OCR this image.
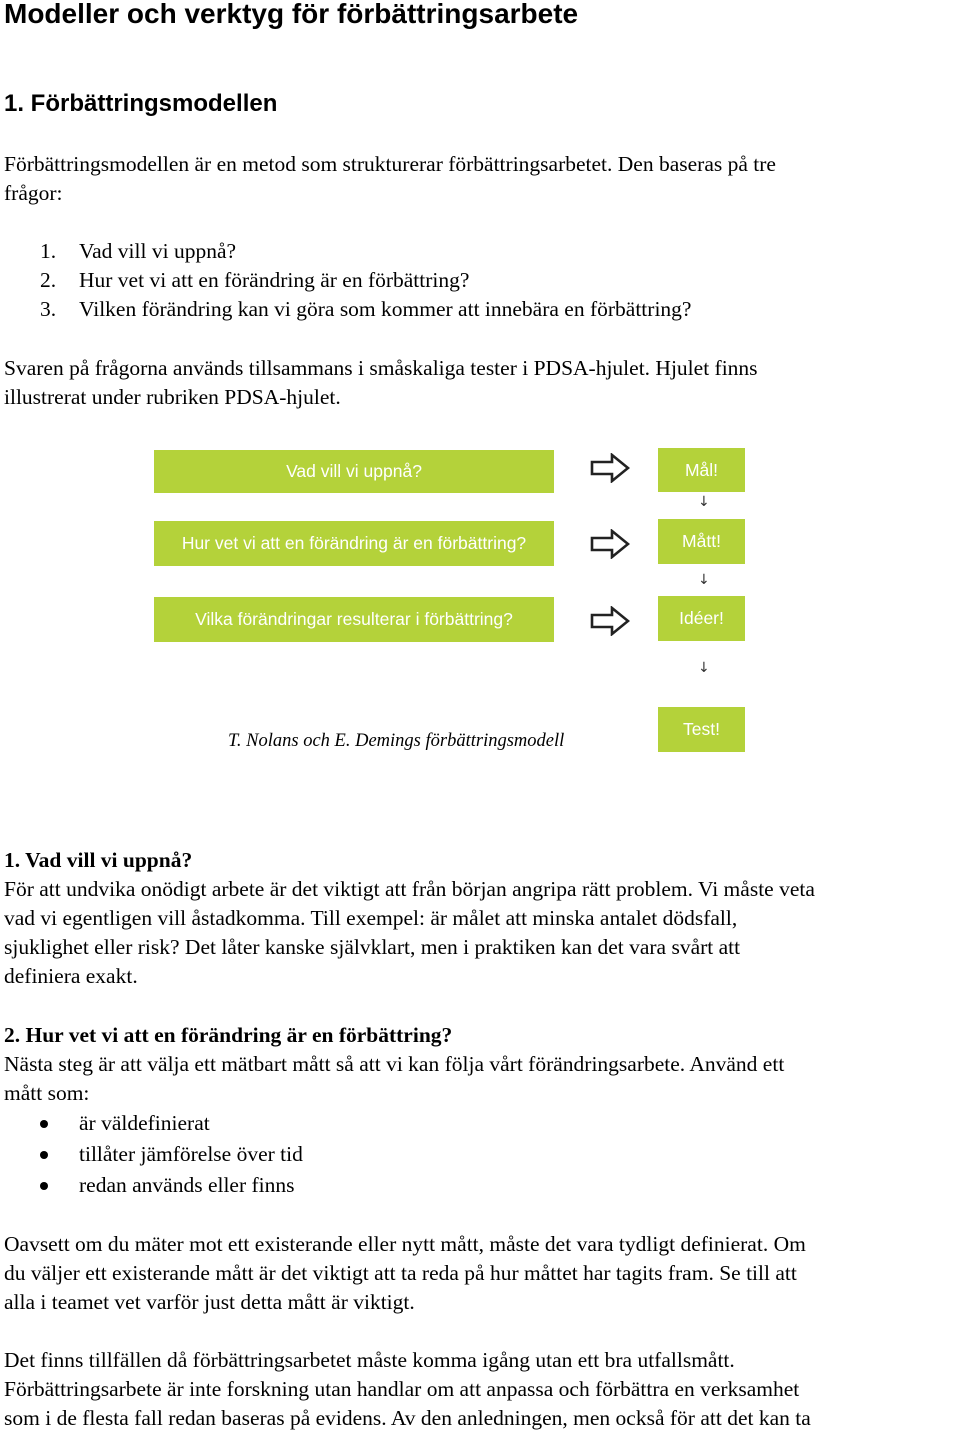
Modeller och verktyg för förbättringsarbete
1. Förbättringsmodellen
Förbättringsmodellen är en metod som strukturerar förbättringsarbetet. Den baseras på tre
frågor:
1. Vad vill vi uppnå?
2. Hur vet vi att en förändring är en förbättring?
3. Vilken förändring kan vi göra som kommer att innebära en förbättring?
Svaren på frågorna används tillsammans i småskaliga tester i PDSA-hjulet. Hjulet finns
illustrerat under rubriken PDSA-hjulet.
Vad vill vi uppnå?
Hur vet vi att en förändring är en förbättring?
Vilka förändringar resulterar i förbättring?
Mål!
↓
Mått!
↓
Idéer!
↓
Test!
T. Nolans och E. Demings förbättringsmodell
1. Vad vill vi uppnå?
För att undvika onödigt arbete är det viktigt att från början angripa rätt problem. Vi måste veta
vad vi egentligen vill åstadkomma. Till exempel: är målet att minska antalet dödsfall,
sjuklighet eller risk? Det låter kanske självklart, men i praktiken kan det vara svårt att
definiera exakt.
2. Hur vet vi att en förändring är en förbättring?
Nästa steg är att välja ett mätbart mått så att vi kan följa vårt förändringsarbete. Använd ett
mått som:
är väldefinierat
tillåter jämförelse över tid
redan används eller finns
Oavsett om du mäter mot ett existerande eller nytt mått, måste det vara tydligt definierat. Om
du väljer ett existerande mått är det viktigt att ta reda på hur måttet har tagits fram. Se till att
alla i teamet vet varför just detta mått är viktigt.
Det finns tillfällen då förbättringsarbetet måste komma igång utan ett bra utfallsmått.
Förbättringsarbete är inte forskning utan handlar om att anpassa och förbättra en verksamhet
som i de flesta fall redan baseras på evidens. Av den anledningen, men också för att det kan ta
